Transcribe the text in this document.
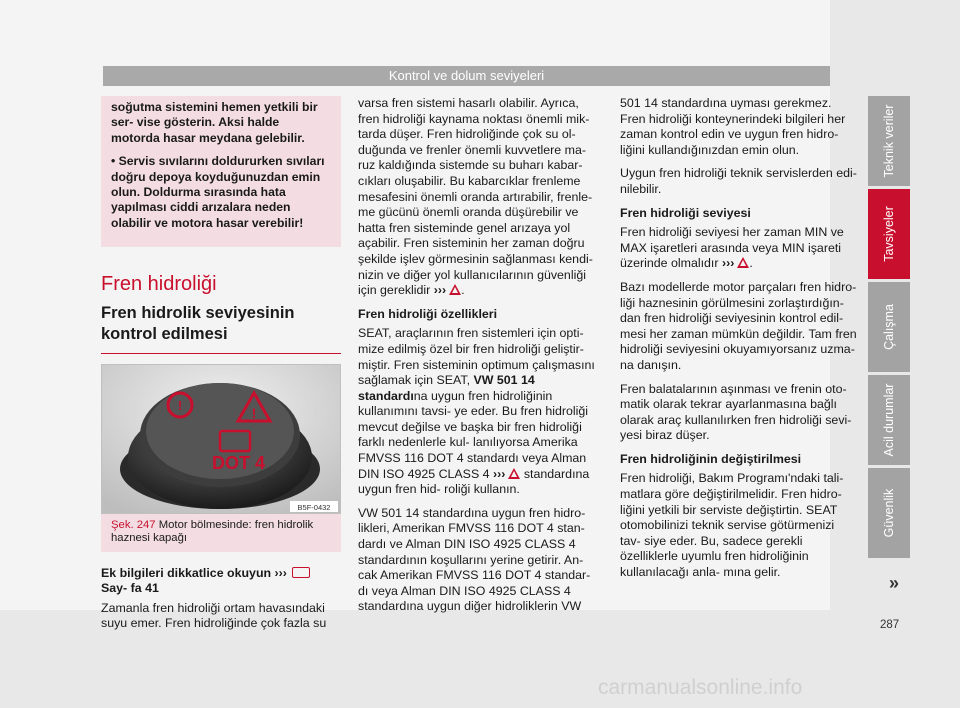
Kontrol ve dolum seviyeleri

soğutma sistemini hemen yetkili bir ser- vise gösterin. Aksi halde motorda hasar meydana gelebilir.

• Servis sıvılarını doldururken sıvıları doğru depoya koyduğunuzdan emin olun. Doldurma sırasında hata yapılması ciddi arızalara neden olabilir ve motora hasar verebilir!

Fren hidroliği
Fren hidrolik seviyesinin kontrol edilmesi
!	!
DOT 4
B5F-0432
Şek. 247 Motor bölmesinde: fren hidrolik haznesi kapağı

Ek bilgileri dikkatlice okuyun ›››  Say- fa 41

Zamanla fren hidroliği ortam havasındaki suyu emer. Fren hidroliğinde çok fazla su

varsa fren sistemi hasarlı olabilir. Ayrıca, fren hidroliği kaynama noktası önemli mik- tarda düşer. Fren hidroliğinde çok su ol- duğunda ve frenler önemli kuvvetlere ma- ruz kaldığında sistemde su buharı kabar- cıkları oluşabilir. Bu kabarcıklar frenleme mesafesini önemli oranda artırabilir, frenle- me gücünü önemli oranda düşürebilir ve hatta fren sisteminde genel arızaya yol açabilir. Fren sisteminin her zaman doğru şekilde işlev görmesinin sağlanması kendi- nizin ve diğer yol kullanıcılarının güvenliği için gereklidir ››› .

Fren hidroliği özellikleri

SEAT, araçlarının fren sistemleri için opti- mize edilmiş özel bir fren hidroliği geliştir- miştir. Fren sisteminin optimum çalışmasını sağlamak için SEAT, VW 501 14 standardına uygun fren hidroliğinin kullanımını tavsi- ye eder. Bu fren hidroliği mevcut değilse ve başka bir fren hidroliği farklı nedenlerle kul- lanılıyorsa Amerika FMVSS 116 DOT 4 standardı veya Alman DIN ISO 4925 CLASS 4 ››› standardına uygun fren hid- roliği kullanın.

VW 501 14 standardına uygun fren hidro- likleri, Amerikan FMVSS 116 DOT 4 stan- dardı ve Alman DIN ISO 4925 CLASS 4 standardının koşullarını yerine getirir. An- cak Amerikan FMVSS 116 DOT 4 standar- dı veya Alman DIN ISO 4925 CLASS 4 standardına uygun diğer hidroliklerin VW

501 14 standardına uyması gerekmez. Fren hidroliği konteynerindeki bilgileri her zaman kontrol edin ve uygun fren hidro- liğini kullandığınızdan emin olun.

Uygun fren hidroliği teknik servislerden edi- nilebilir.

Fren hidroliği seviyesi

Fren hidroliği seviyesi her zaman MIN ve MAX işaretleri arasında veya MIN işareti üzerinde olmalıdır ››› .

Bazı modellerde motor parçaları fren hidro- liği haznesinin görülmesini zorlaştırdığın- dan fren hidroliği seviyesinin kontrol edil- mesi her zaman mümkün değildir. Tam fren hidroliği seviyesini okuyamıyorsanız uzma- na danışın.

Fren balatalarının aşınması ve frenin oto- matik olarak tekrar ayarlanmasına bağlı olarak araç kullanılırken fren hidroliği sevi- yesi biraz düşer.

Fren hidroliğinin değiştirilmesi

Fren hidroliği, Bakım Programı'ndaki tali- matlara göre değiştirilmelidir. Fren hidro- liğini yetkili bir serviste değiştirtin. SEAT otomobilinizi teknik servise götürmenizi tav- siye eder. Bu, sadece gerekli özelliklerle uyumlu fren hidroliğinin kullanılacağı anla- mına gelir.

Teknik veriler
Tavsiyeler
Çalışma
Acil durumlar
Güvenlik
»
287
carmanualsonline.info
